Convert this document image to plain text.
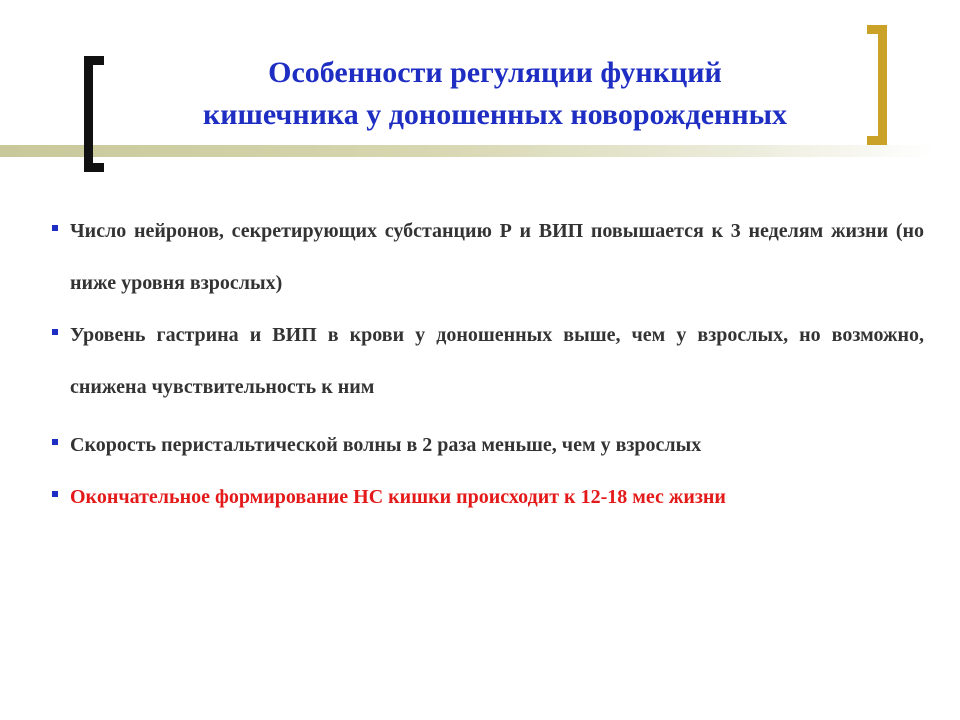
Особенности регуляции функций
кишечника у доношенных новорожденных
Число нейронов, секретирующих субстанцию Р и ВИП повышается к 3 неделям жизни (но ниже уровня взрослых)
Уровень гастрина и ВИП в крови у доношенных выше, чем у взрослых, но возможно, снижена чувствительность к ним
Скорость перистальтической волны в 2 раза меньше, чем у взрослых
Окончательное формирование НС кишки происходит к 12-18 мес жизни
